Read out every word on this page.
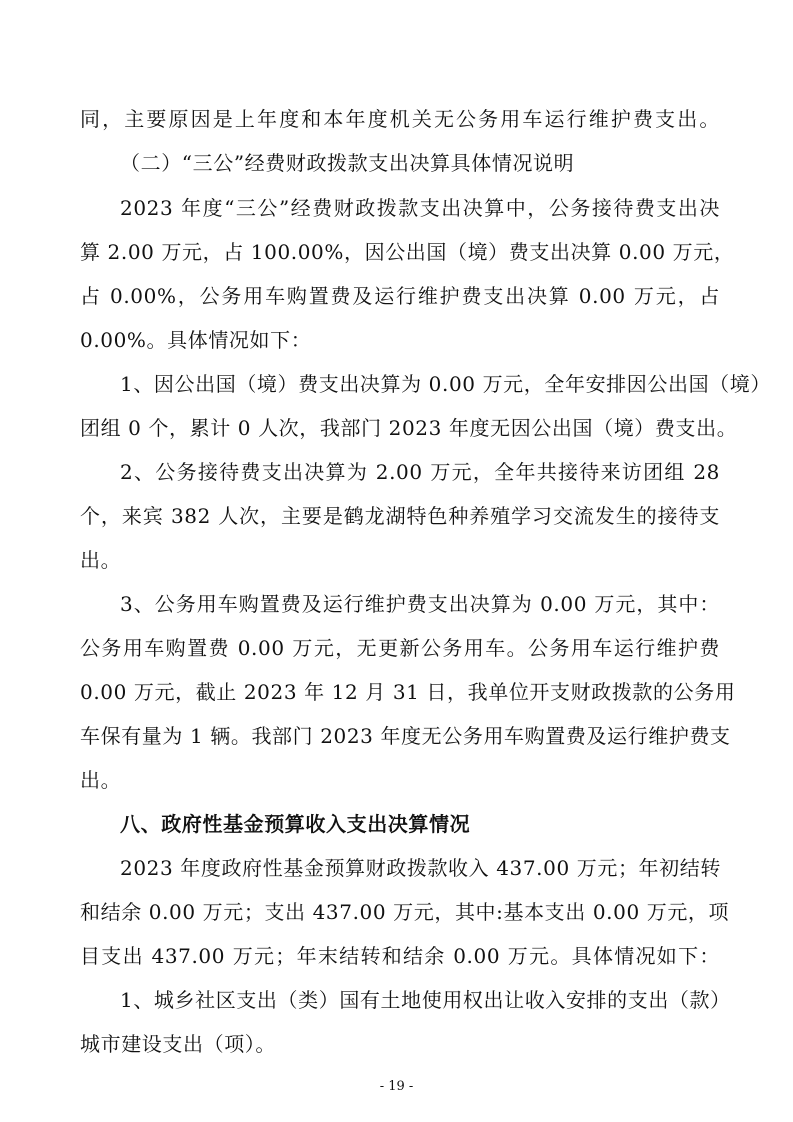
同，主要原因是上年度和本年度机关无公务用车运行维护费支出。
（二）“三公”经费财政拨款支出决算具体情况说明
2023 年度“三公”经费财政拨款支出决算中，公务接待费支出决
算 2.00 万元，占 100.00%，因公出国（境）费支出决算 0.00 万元，
占 0.00%，公务用车购置费及运行维护费支出决算 0.00 万元，占
0.00%。具体情况如下：
1、因公出国（境）费支出决算为 0.00 万元，全年安排因公出国（境）
团组 0 个，累计 0 人次，我部门 2023 年度无因公出国（境）费支出。
2、公务接待费支出决算为 2.00 万元，全年共接待来访团组 28
个，来宾 382 人次，主要是鹤龙湖特色种养殖学习交流发生的接待支
出。
3、公务用车购置费及运行维护费支出决算为 0.00 万元，其中：
公务用车购置费 0.00 万元，无更新公务用车。公务用车运行维护费
0.00 万元，截止 2023 年 12 月 31 日，我单位开支财政拨款的公务用
车保有量为 1 辆。我部门 2023 年度无公务用车购置费及运行维护费支
出。
八、政府性基金预算收入支出决算情况
2023 年度政府性基金预算财政拨款收入 437.00 万元；年初结转
和结余 0.00 万元；支出 437.00 万元，其中:基本支出 0.00 万元，项
目支出 437.00 万元；年末结转和结余 0.00 万元。具体情况如下：
1、城乡社区支出（类）国有土地使用权出让收入安排的支出（款）
城市建设支出（项）。
- 19 -
